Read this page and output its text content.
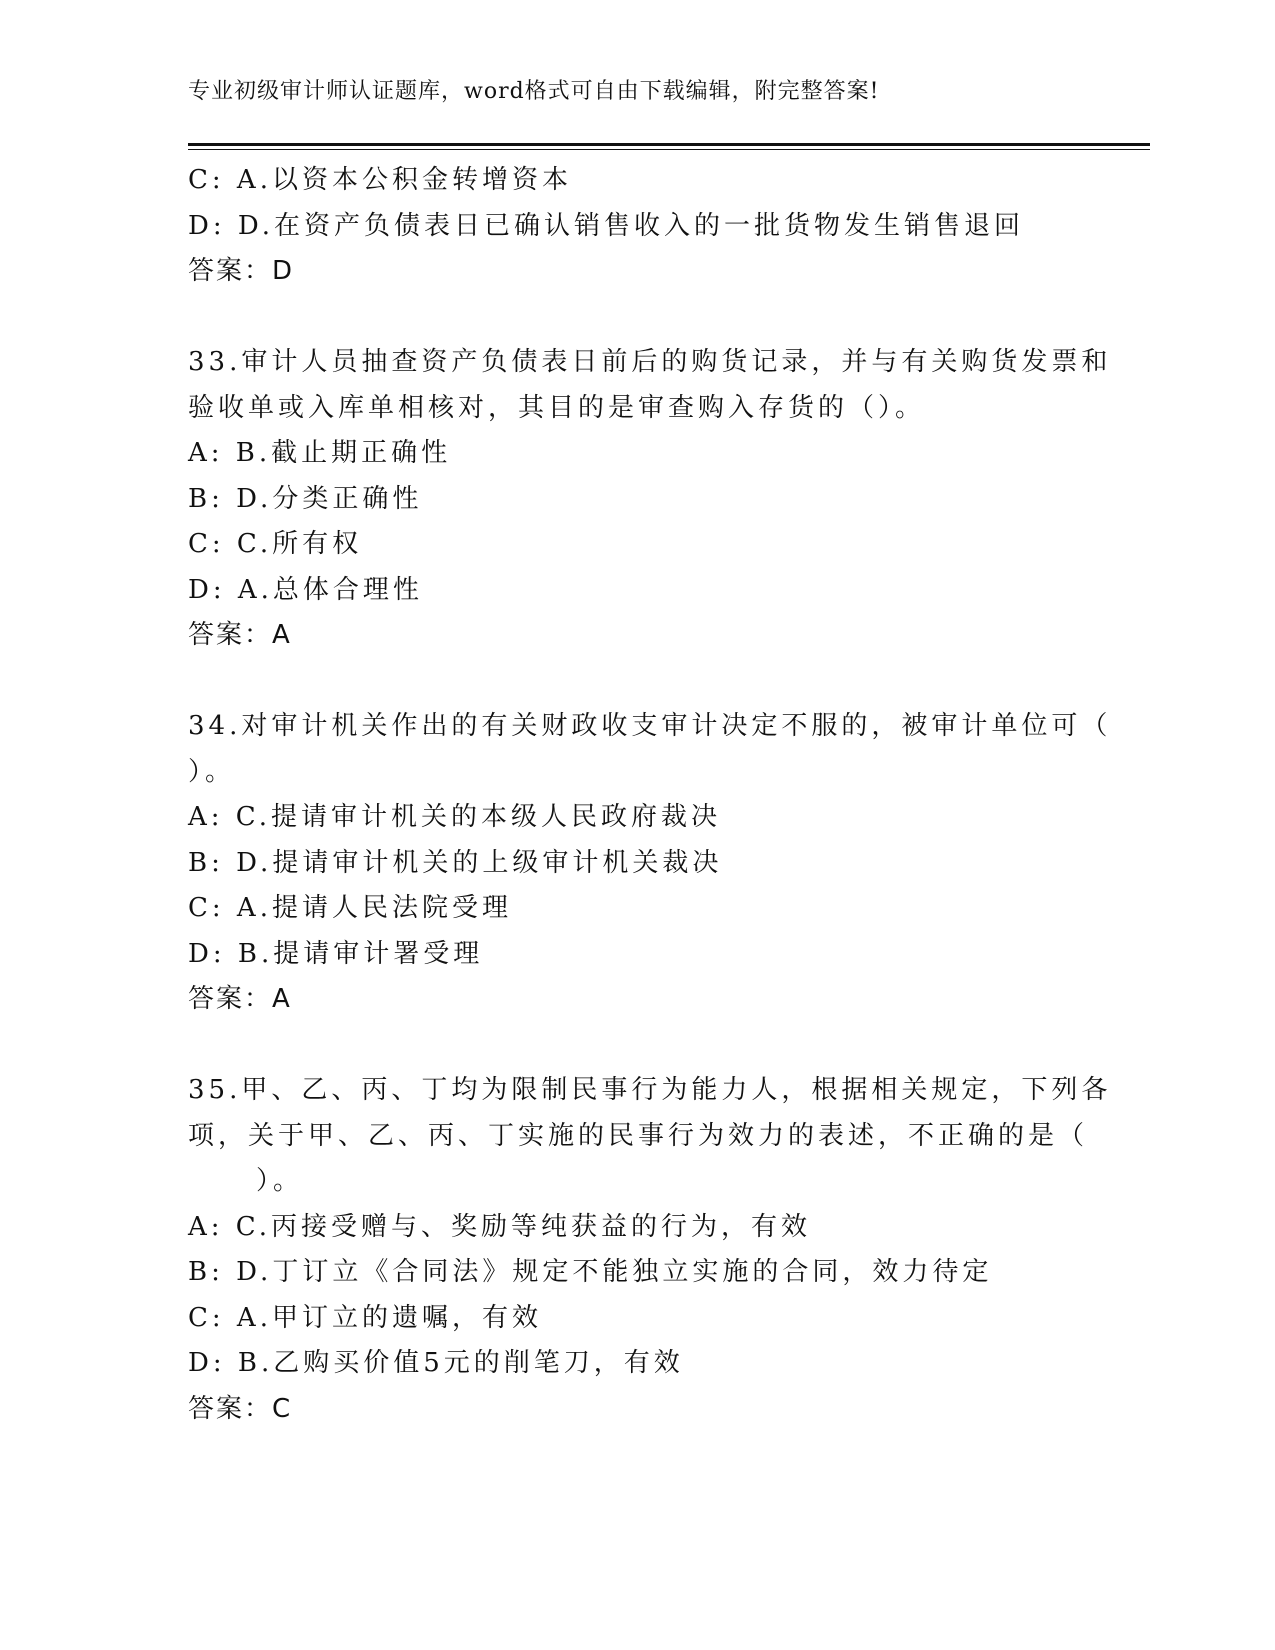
专业初级审计师认证题库，word格式可自由下载编辑，附完整答案!
C: A.以资本公积金转增资本
D: D.在资产负债表日已确认销售收入的一批货物发生销售退回
答案：D
33.审计人员抽查资产负债表日前后的购货记录，并与有关购货发票和
验收单或入库单相核对，其目的是审查购入存货的（）。
A: B.截止期正确性
B: D.分类正确性
C: C.所有权
D: A.总体合理性
答案：A
34.对审计机关作出的有关财政收支审计决定不服的，被审计单位可（
）。
A: C.提请审计机关的本级人民政府裁决
B: D.提请审计机关的上级审计机关裁决
C: A.提请人民法院受理
D: B.提请审计署受理
答案：A
35.甲、乙、丙、丁均为限制民事行为能力人，根据相关规定，下列各
项，关于甲、乙、丙、丁实施的民事行为效力的表述，不正确的是（
）。
A: C.丙接受赠与、奖励等纯获益的行为，有效
B: D.丁订立《合同法》规定不能独立实施的合同，效力待定
C: A.甲订立的遗嘱，有效
D: B.乙购买价值5元的削笔刀，有效
答案：C
